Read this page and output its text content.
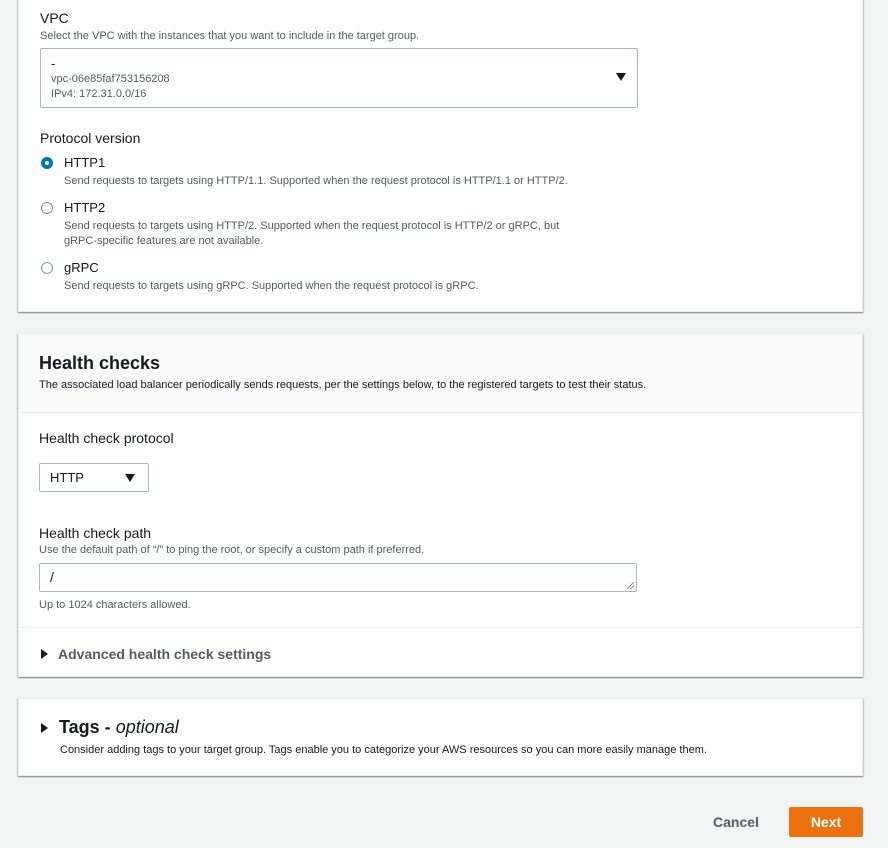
VPC
Select the VPC with the instances that you want to include in the target group.
-
vpc-06e85faf753156208
IPv4: 172.31.0.0/16
Protocol version
HTTP1
Send requests to targets using HTTP/1.1. Supported when the request protocol is HTTP/1.1 or HTTP/2.
HTTP2
Send requests to targets using HTTP/2. Supported when the request protocol is HTTP/2 or gRPC, but
gRPC-specific features are not available.
gRPC
Send requests to targets using gRPC. Supported when the request protocol is gRPC.
Health checks
The associated load balancer periodically sends requests, per the settings below, to the registered targets to test their status.
Health check protocol
HTTP
Health check path
Use the default path of “/” to ping the root, or specify a custom path if preferred.
/
Up to 1024 characters allowed.
Advanced health check settings
Tags - optional
Consider adding tags to your target group. Tags enable you to categorize your AWS resources so you can more easily manage them.
Cancel	Next
